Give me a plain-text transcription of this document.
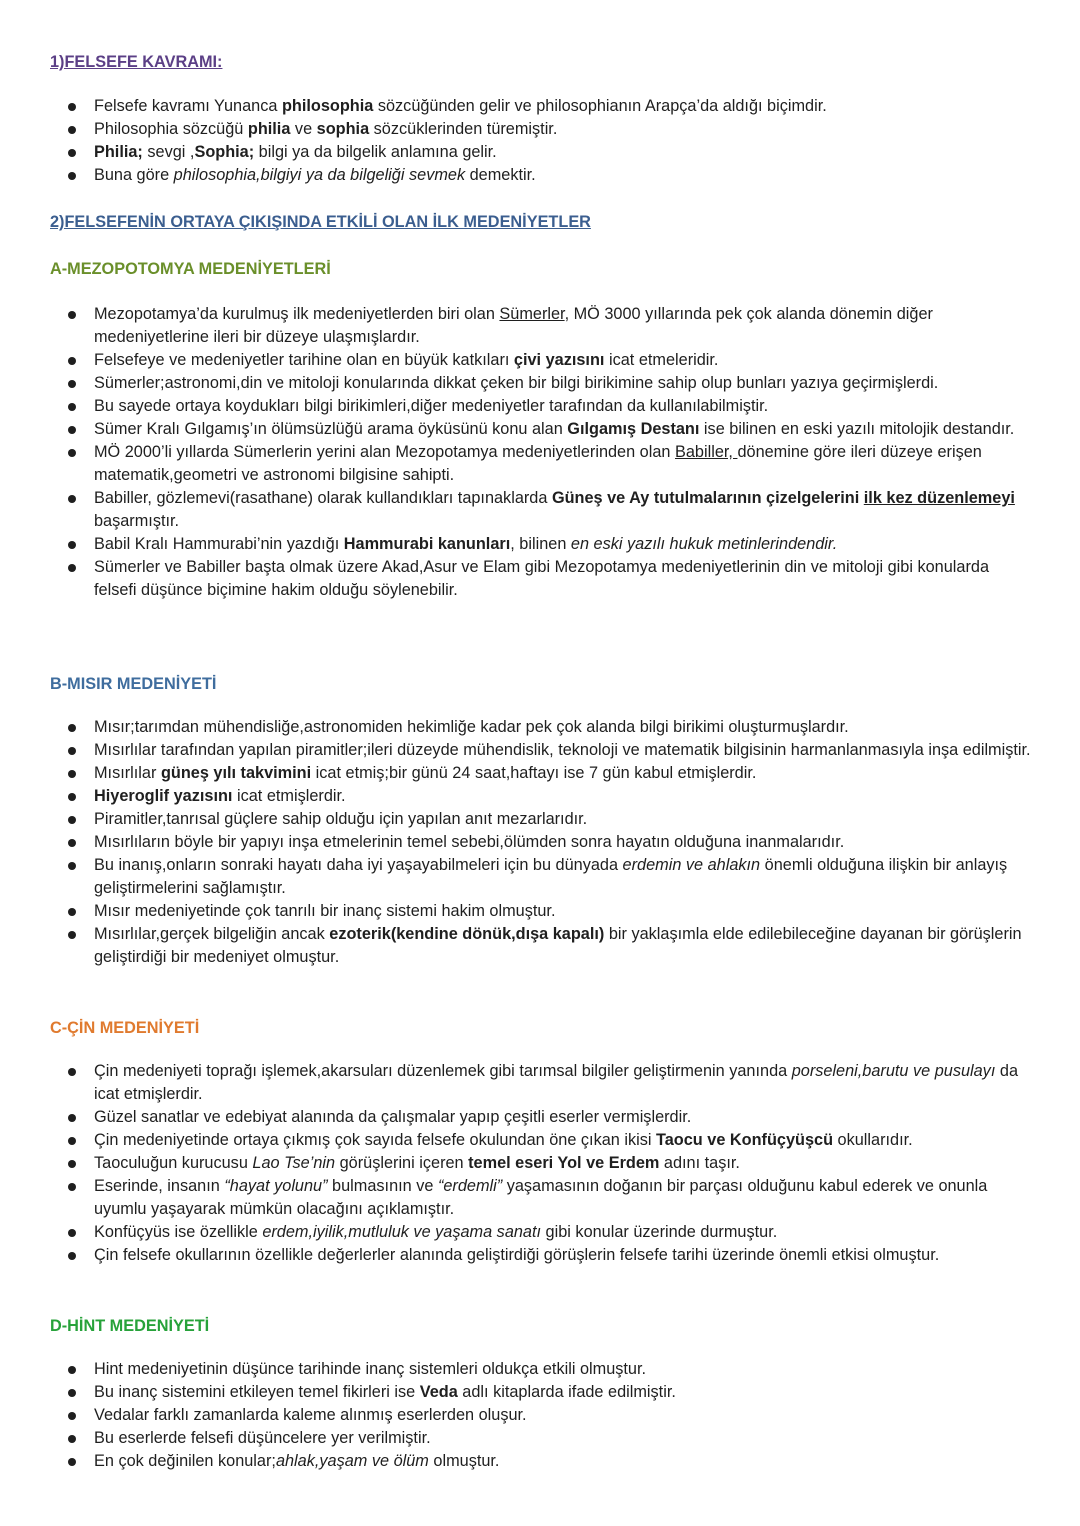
1)FELSEFE KAVRAMI:
Felsefe kavramı Yunanca philosophia sözcüğünden gelir ve philosophianın Arapça’da aldığı biçimdir.
Philosophia sözcüğü philia ve sophia sözcüklerinden türemiştir.
Philia; sevgi ,Sophia; bilgi ya da bilgelik anlamına gelir.
Buna göre philosophia,bilgiyi ya da bilgeliği sevmek demektir.
2)FELSEFENİN ORTAYA ÇIKIŞINDA ETKİLİ OLAN İLK MEDENİYETLER
A-MEZOPOTOMYA MEDENİYETLERİ
Mezopotamya’da kurulmuş ilk medeniyetlerden biri olan Sümerler, MÖ 3000 yıllarında pek çok alanda dönemin diğer medeniyetlerine ileri bir düzeye ulaşmışlardır.
Felsefeye ve medeniyetler tarihine olan en büyük katkıları çivi yazısını icat etmeleridir.
Sümerler;astronomi,din ve mitoloji konularında dikkat çeken bir bilgi birikimine sahip olup bunları yazıya geçirmişlerdi.
Bu sayede ortaya koydukları bilgi birikimleri,diğer medeniyetler tarafından da kullanılabilmiştir.
Sümer Kralı Gılgamış’ın ölümsüzlüğü arama öyküsünü konu alan Gılgamış Destanı ise bilinen en eski yazılı mitolojik destandır.
MÖ 2000’li yıllarda Sümerlerin yerini alan Mezopotamya medeniyetlerinden olan Babiller, dönemine göre ileri düzeye erişen matematik,geometri ve astronomi bilgisine sahipti.
Babiller, gözlemevi(rasathane) olarak kullandıkları tapınaklarda Güneş ve Ay tutulmalarının çizelgelerini ilk kez düzenlemeyi başarmıştır.
Babil Kralı Hammurabi’nin yazdığı Hammurabi kanunları, bilinen en eski yazılı hukuk metinlerindendir.
Sümerler ve Babiller başta olmak üzere Akad,Asur ve Elam gibi Mezopotamya medeniyetlerinin din ve mitoloji gibi konularda felsefi düşünce biçimine hakim olduğu söylenebilir.
B-MISIR MEDENİYETİ
Mısır;tarımdan mühendisliğe,astronomiden hekimliğe kadar pek çok alanda bilgi birikimi oluşturmuşlardır.
Mısırlılar tarafından yapılan piramitler;ileri düzeyde mühendislik, teknoloji ve matematik bilgisinin harmanlanmasıyla inşa edilmiştir.
Mısırlılar güneş yılı takvimini icat etmiş;bir günü 24 saat,haftayı ise 7 gün kabul etmişlerdir.
Hiyeroglif yazısını icat etmişlerdir.
Piramitler,tanrısal güçlere sahip olduğu için yapılan anıt mezarlarıdır.
Mısırlıların böyle bir yapıyı inşa etmelerinin temel sebebi,ölümden sonra hayatın olduğuna inanmalarıdır.
Bu inanış,onların sonraki hayatı daha iyi yaşayabilmeleri için bu dünyada erdemin ve ahlakın önemli olduğuna ilişkin bir anlayış geliştirmelerini sağlamıştır.
Mısır medeniyetinde çok tanrılı bir inanç sistemi hakim olmuştur.
Mısırlılar,gerçek bilgeliğin ancak ezoterik(kendine dönük,dışa kapalı) bir yaklaşımla elde edilebileceğine dayanan bir görüşlerin geliştirdiği bir medeniyet olmuştur.
C-ÇİN MEDENİYETİ
Çin medeniyeti toprağı işlemek,akarsuları düzenlemek gibi tarımsal bilgiler geliştirmenin yanında porseleni,barutu ve pusulayı da icat etmişlerdir.
Güzel sanatlar ve edebiyat alanında da çalışmalar yapıp çeşitli eserler vermişlerdir.
Çin medeniyetinde ortaya çıkmış çok sayıda felsefe okulundan öne çıkan ikisi Taocu ve Konfüçyüşcü okullarıdır.
Taoculuğun kurucusu Lao Tse’nin görüşlerini içeren temel eseri Yol ve Erdem adını taşır.
Eserinde, insanın “hayat yolunu” bulmasının ve “erdemli” yaşamasının doğanın bir parçası olduğunu kabul ederek ve onunla uyumlu yaşayarak mümkün olacağını açıklamıştır.
Konfüçyüs ise özellikle erdem,iyilik,mutluluk ve yaşama sanatı gibi konular üzerinde durmuştur.
Çin felsefe okullarının özellikle değerlerler alanında geliştirdiği görüşlerin felsefe tarihi üzerinde önemli etkisi olmuştur.
D-HİNT MEDENİYETİ
Hint medeniyetinin düşünce tarihinde inanç sistemleri oldukça etkili olmuştur.
Bu inanç sistemini etkileyen temel fikirleri ise Veda adlı kitaplarda ifade edilmiştir.
Vedalar farklı zamanlarda kaleme alınmış eserlerden oluşur.
Bu eserlerde felsefi düşüncelere yer verilmiştir.
En çok değinilen konular;ahlak,yaşam ve ölüm olmuştur.
